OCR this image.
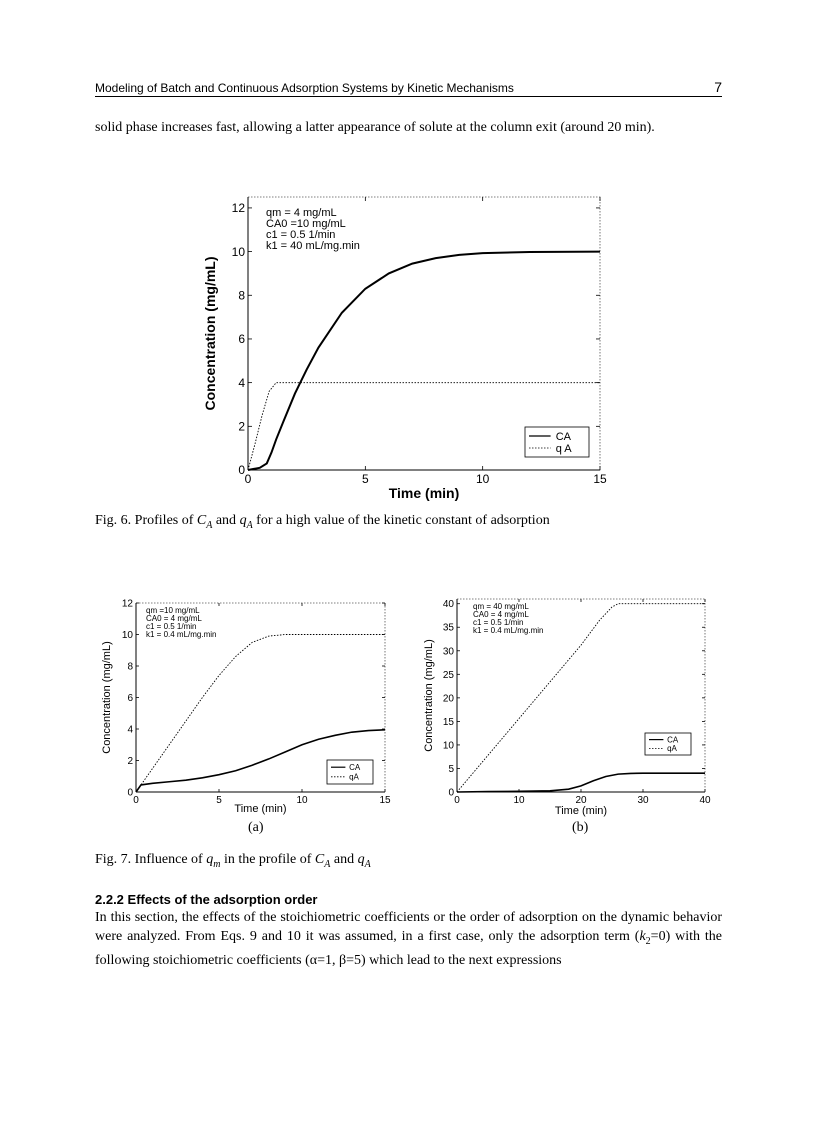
Modeling of Batch and Continuous Adsorption Systems by Kinetic Mechanisms	7

solid phase increases fast, allowing a latter appearance of solute at the column exit (around 20 min).

0	5	10	15
0
2
4
6
8
10
12
Time (min)
Concentration (mg/mL)
qm = 4 mg/mL
CA0 =10 mg/mL
c1 = 0.5 1/min
k1 = 40 mL/mg.min
CA
q A
Fig. 6. Profiles of $C_A$ and $q_A$ for a high value of the kinetic constant of adsorption
0	5	10	15
0
2
4
6
8
10
12
Time (min)
Concentration (mg/mL)
qm =10 mg/mL
CA0 = 4 mg/mL
c1 = 0.5 1/min
k1 = 0.4 mL/mg.min
CA
qA
0	10	20	30	40
0
5
10
15
20
25
30
35
40
Time (min)
Concentration (mg/mL)
qm = 40 mg/mL
CA0 = 4 mg/mL
c1 = 0.5 1/min
k1 = 0.4 mL/mg.min
CA
qA
(a)	(b)
Fig. 7. Influence of $q_m$ in the profile of $C_A$ and $q_A$
2.2.2 Effects of the adsorption order

In this section, the effects of the stoichiometric coefficients or the order of adsorption on the dynamic behavior were analyzed. From Eqs. 9 and 10 it was assumed, in a first case, only the adsorption term $(k_2=0)$ with the following stoichiometric coefficients (α=1, β=5) which lead to the next expressions
